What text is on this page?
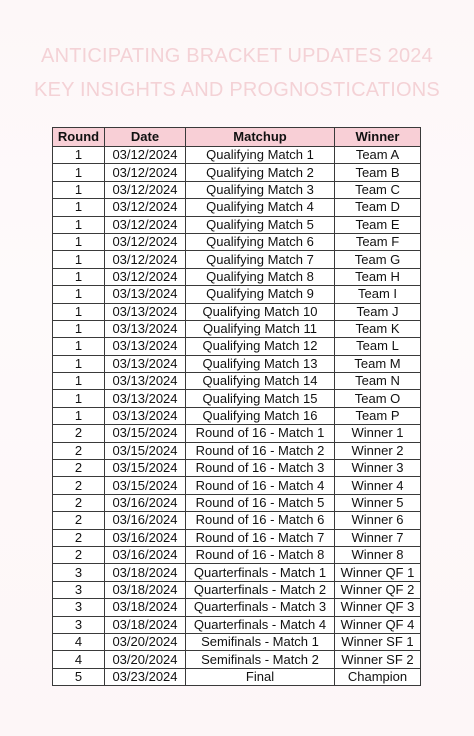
ANTICIPATING BRACKET UPDATES 2024
KEY INSIGHTS AND PROGNOSTICATIONS
Round	Date	Matchup	Winner
1	03/12/2024	Qualifying Match 1	Team A
1	03/12/2024	Qualifying Match 2	Team B
1	03/12/2024	Qualifying Match 3	Team C
1	03/12/2024	Qualifying Match 4	Team D
1	03/12/2024	Qualifying Match 5	Team E
1	03/12/2024	Qualifying Match 6	Team F
1	03/12/2024	Qualifying Match 7	Team G
1	03/12/2024	Qualifying Match 8	Team H
1	03/13/2024	Qualifying Match 9	Team I
1	03/13/2024	Qualifying Match 10	Team J
1	03/13/2024	Qualifying Match 11	Team K
1	03/13/2024	Qualifying Match 12	Team L
1	03/13/2024	Qualifying Match 13	Team M
1	03/13/2024	Qualifying Match 14	Team N
1	03/13/2024	Qualifying Match 15	Team O
1	03/13/2024	Qualifying Match 16	Team P
2	03/15/2024	Round of 16 - Match 1	Winner 1
2	03/15/2024	Round of 16 - Match 2	Winner 2
2	03/15/2024	Round of 16 - Match 3	Winner 3
2	03/15/2024	Round of 16 - Match 4	Winner 4
2	03/16/2024	Round of 16 - Match 5	Winner 5
2	03/16/2024	Round of 16 - Match 6	Winner 6
2	03/16/2024	Round of 16 - Match 7	Winner 7
2	03/16/2024	Round of 16 - Match 8	Winner 8
3	03/18/2024	Quarterfinals - Match 1	Winner QF 1
3	03/18/2024	Quarterfinals - Match 2	Winner QF 2
3	03/18/2024	Quarterfinals - Match 3	Winner QF 3
3	03/18/2024	Quarterfinals - Match 4	Winner QF 4
4	03/20/2024	Semifinals - Match 1	Winner SF 1
4	03/20/2024	Semifinals - Match 2	Winner SF 2
5	03/23/2024	Final	Champion
